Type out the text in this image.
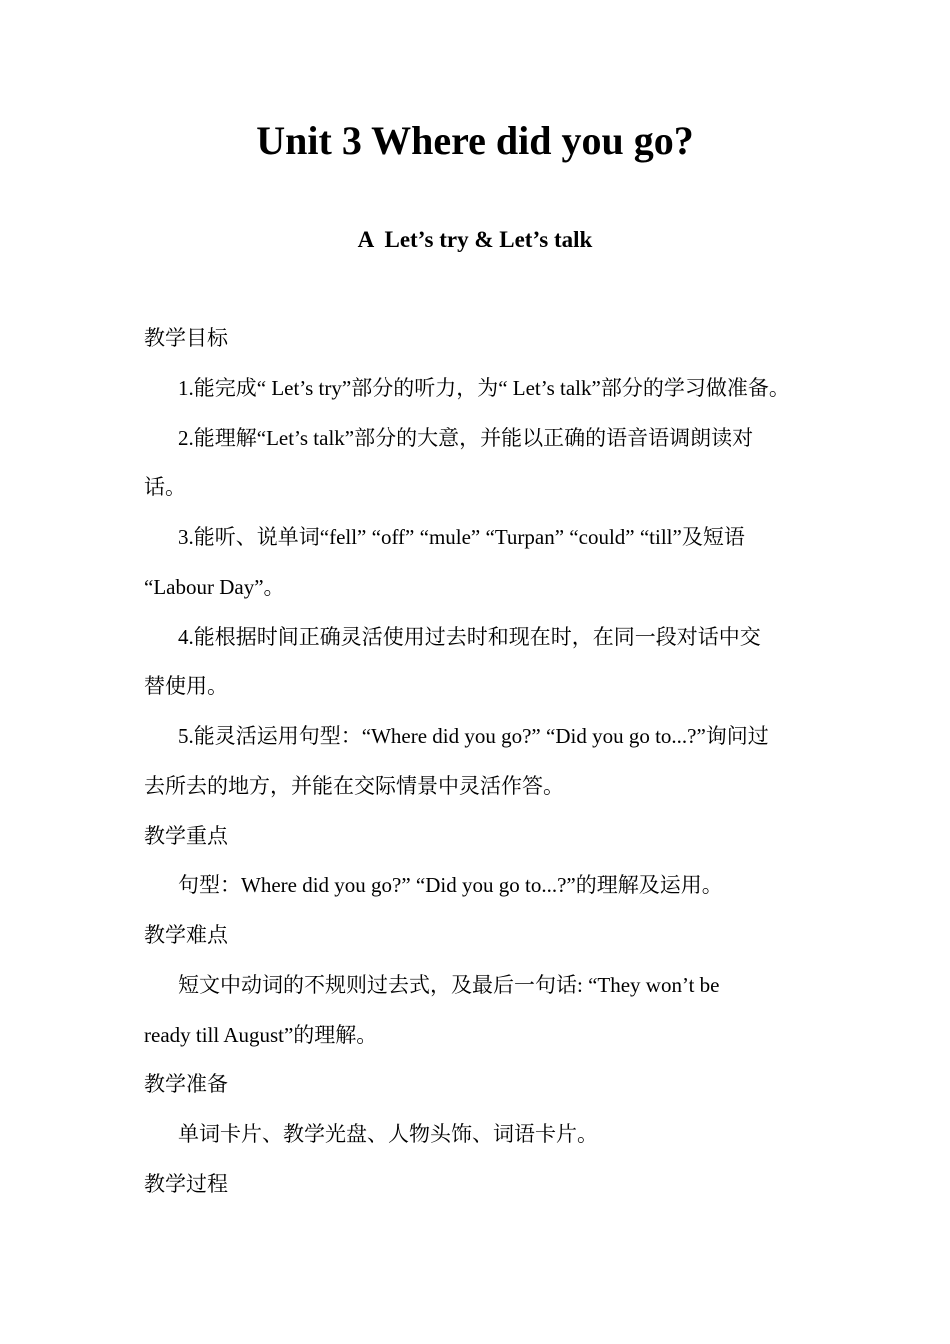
Unit 3 Where did you go?
A  Let’s try & Let’s talk
教学目标
1.能完成“ Let’s try”部分的听力，为“ Let’s talk”部分的学习做准备。
2.能理解“Let’s talk”部分的大意，并能以正确的语音语调朗读对
话。
3.能听、说单词“fell” “off” “mule” “Turpan” “could” “till”及短语
“Labour Day”。
4.能根据时间正确灵活使用过去时和现在时，在同一段对话中交
替使用。
5.能灵活运用句型：“Where did you go?” “Did you go to...?”询问过
去所去的地方，并能在交际情景中灵活作答。
教学重点
句型：Where did you go?” “Did you go to...?”的理解及运用。
教学难点
短文中动词的不规则过去式，及最后一句话: “They won’t be
ready till August”的理解。
教学准备
单词卡片、教学光盘、人物头饰、词语卡片。
教学过程
